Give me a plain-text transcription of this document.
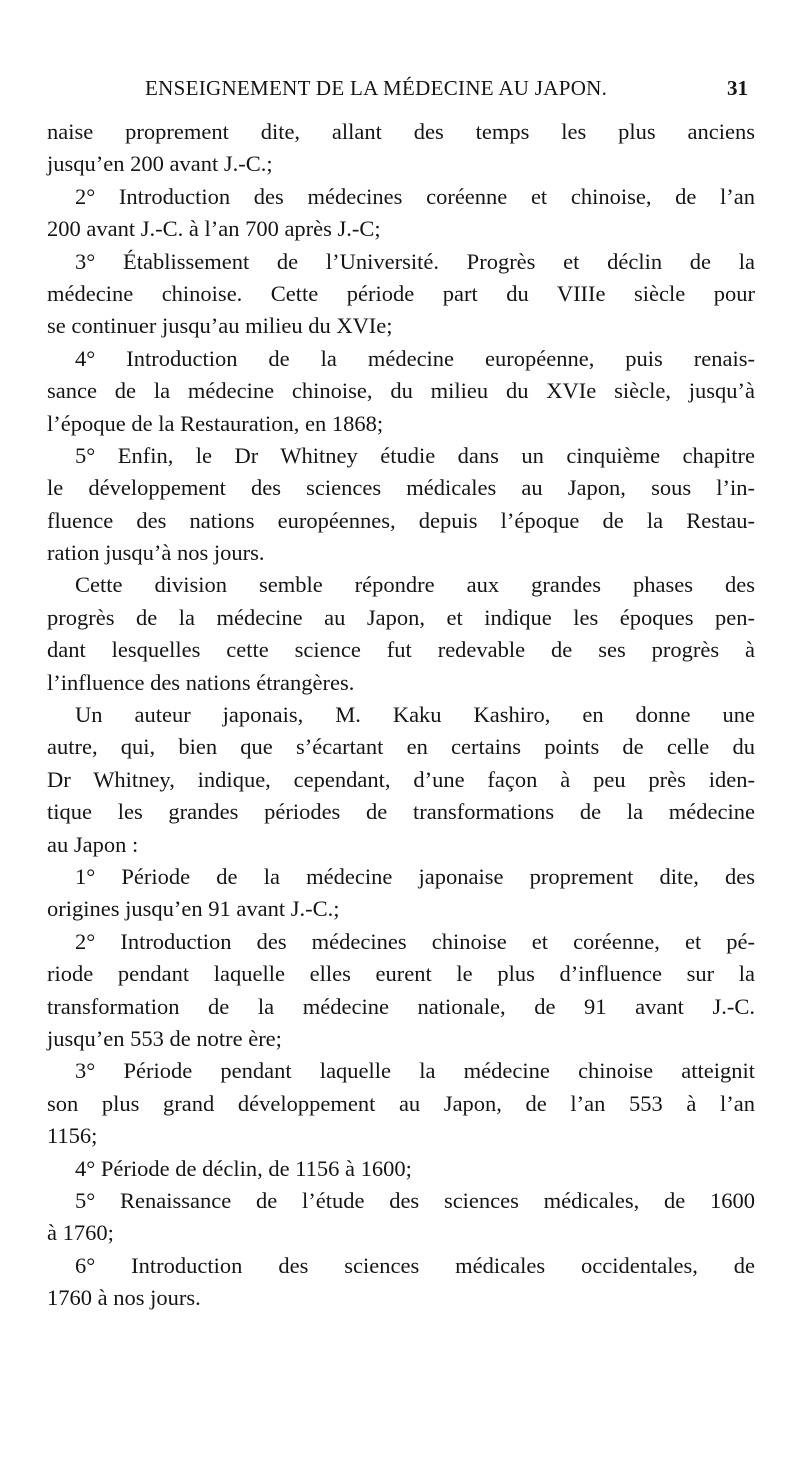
ENSEIGNEMENT DE LA MÉDECINE AU JAPON.	31
naise proprement dite, allant des temps les plus anciens
jusqu’en 200 avant J.-C.;
2° Introduction des médecines coréenne et chinoise, de l’an
200 avant J.-C. à l’an 700 après J.-C;
3° Établissement de l’Université. Progrès et déclin de la
médecine chinoise. Cette période part du VIIIe siècle pour
se continuer jusqu’au milieu du XVIe;
4° Introduction de la médecine européenne, puis renais-
sance de la médecine chinoise, du milieu du XVIe siècle, jusqu’à
l’époque de la Restauration, en 1868;
5° Enfin, le Dr Whitney étudie dans un cinquième chapitre
le développement des sciences médicales au Japon, sous l’in-
fluence des nations européennes, depuis l’époque de la Restau-
ration jusqu’à nos jours.
Cette division semble répondre aux grandes phases des
progrès de la médecine au Japon, et indique les époques pen-
dant lesquelles cette science fut redevable de ses progrès à
l’influence des nations étrangères.
Un auteur japonais, M. Kaku Kashiro, en donne une
autre, qui, bien que s’écartant en certains points de celle du
Dr Whitney, indique, cependant, d’une façon à peu près iden-
tique les grandes périodes de transformations de la médecine
au Japon :
1° Période de la médecine japonaise proprement dite, des
origines jusqu’en 91 avant J.-C.;
2° Introduction des médecines chinoise et coréenne, et pé-
riode pendant laquelle elles eurent le plus d’influence sur la
transformation de la médecine nationale, de 91 avant J.-C.
jusqu’en 553 de notre ère;
3° Période pendant laquelle la médecine chinoise atteignit
son plus grand développement au Japon, de l’an 553 à l’an
1156;
4° Période de déclin, de 1156 à 1600;
5° Renaissance de l’étude des sciences médicales, de 1600
à 1760;
6° Introduction des sciences médicales occidentales, de
1760 à nos jours.
